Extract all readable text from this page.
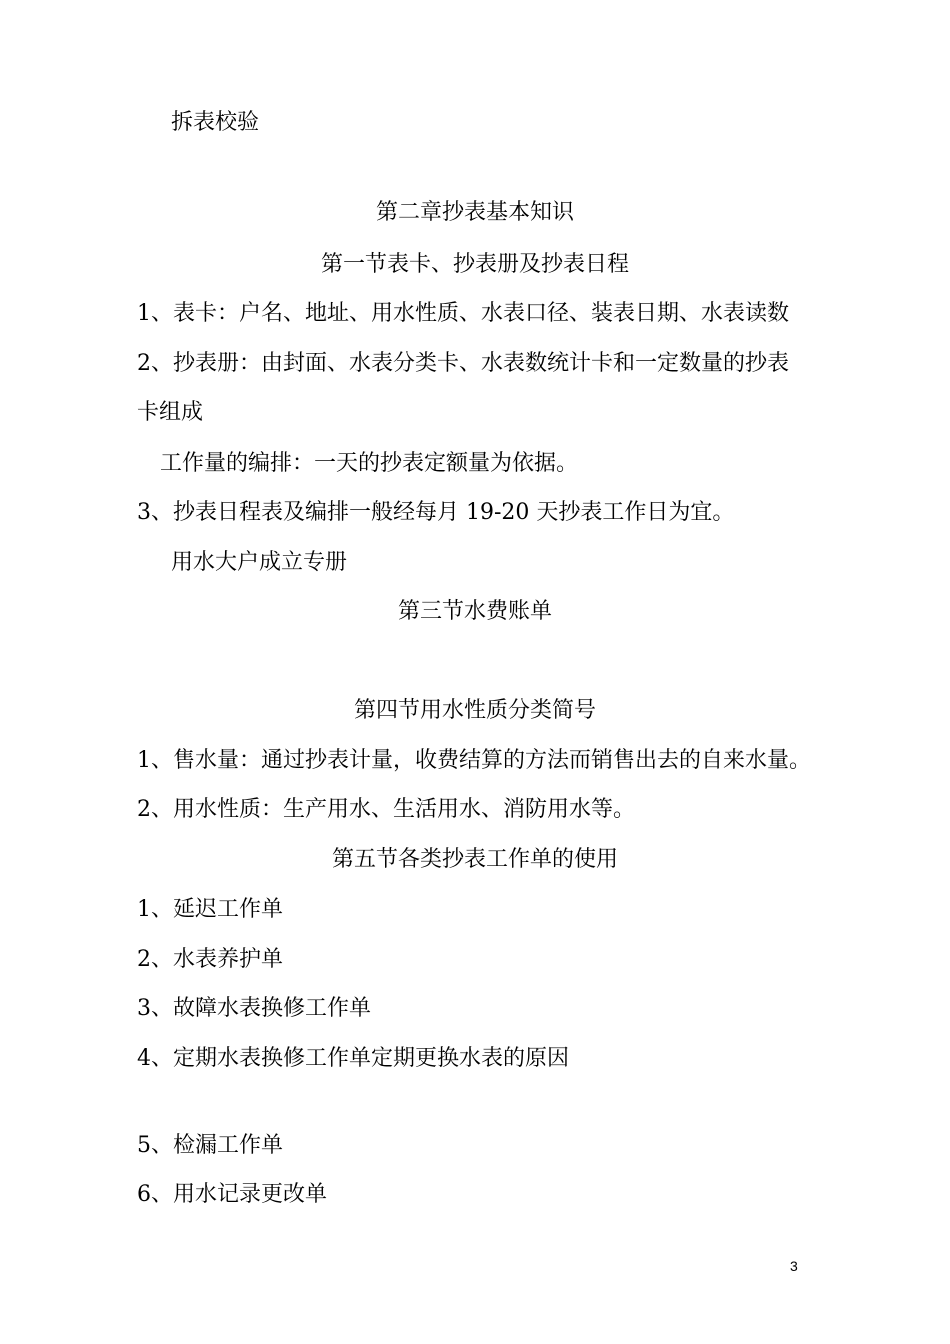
拆表校验
第二章抄表基本知识
第一节表卡、抄表册及抄表日程
1、表卡：户名、地址、用水性质、水表口径、装表日期、水表读数
2、抄表册：由封面、水表分类卡、水表数统计卡和一定数量的抄表
卡组成
工作量的编排：一天的抄表定额量为依据。
3、抄表日程表及编排一般经每月 19-20 天抄表工作日为宜。
用水大户成立专册
第三节水费账单
第四节用水性质分类简号
1、售水量：通过抄表计量，收费结算的方法而销售出去的自来水量。
2、用水性质：生产用水、生活用水、消防用水等。
第五节各类抄表工作单的使用
1、延迟工作单
2、水表养护单
3、故障水表换修工作单
4、定期水表换修工作单定期更换水表的原因
5、检漏工作单
6、用水记录更改单
3
